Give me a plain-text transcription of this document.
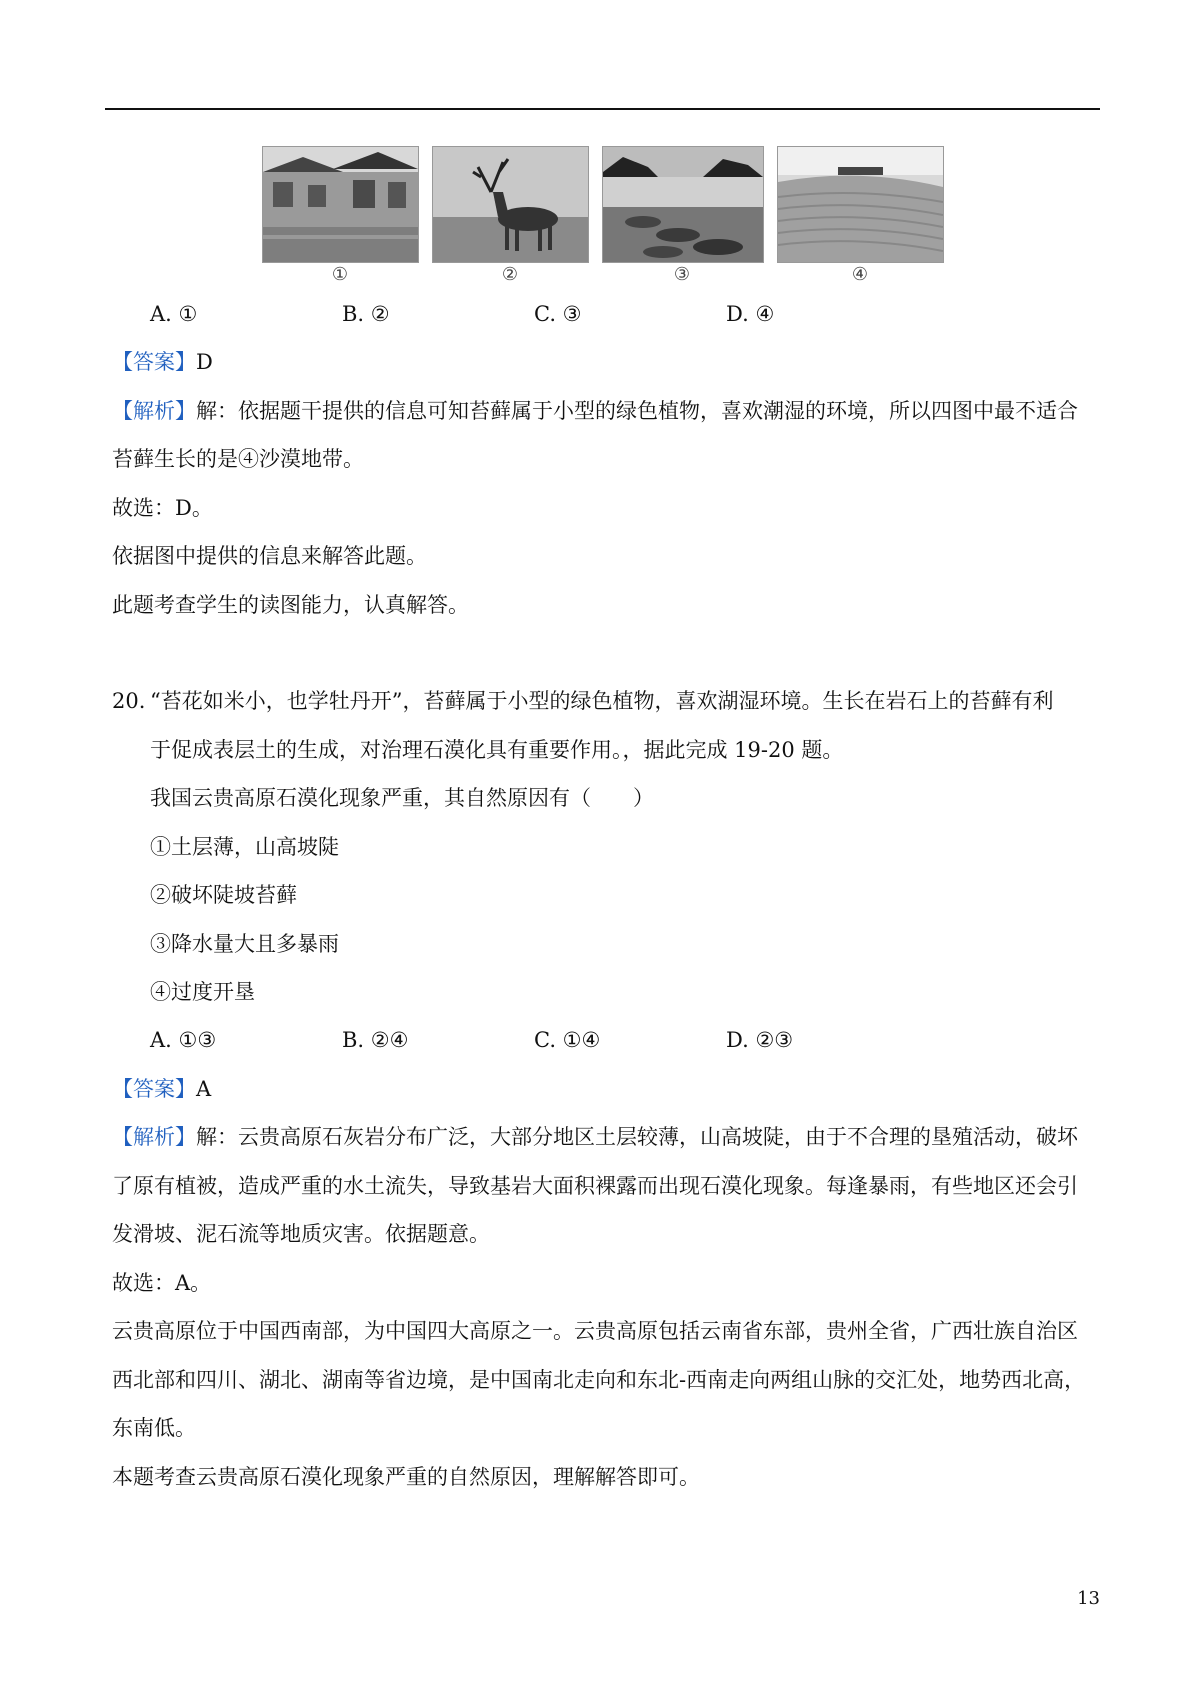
①	②	③	④
A. ①	B. ②	C. ③	D. ④
【答案】D
【解析】解：依据题干提供的信息可知苔藓属于小型的绿色植物，喜欢潮湿的环境，所以四图中最不适合
苔藓生长的是④沙漠地带。
故选：D。
依据图中提供的信息来解答此题。
此题考查学生的读图能力，认真解答。
20. “苔花如米小，也学牡丹开”，苔藓属于小型的绿色植物，喜欢湖湿环境。生长在岩石上的苔藓有利
于促成表层土的生成，对治理石漠化具有重要作用。，据此完成 19-20 题。
我国云贵高原石漠化现象严重，其自然原因有（　　）
①土层薄，山高坡陡
②破坏陡坡苔藓
③降水量大且多暴雨
④过度开垦
A. ①③	B. ②④	C. ①④	D. ②③
【答案】A
【解析】解：云贵高原石灰岩分布广泛，大部分地区土层较薄，山高坡陡，由于不合理的垦殖活动，破坏
了原有植被，造成严重的水土流失，导致基岩大面积裸露而出现石漠化现象。每逢暴雨，有些地区还会引
发滑坡、泥石流等地质灾害。依据题意。
故选：A。
云贵高原位于中国西南部，为中国四大高原之一。云贵高原包括云南省东部，贵州全省，广西壮族自治区
西北部和四川、湖北、湖南等省边境，是中国南北走向和东北-西南走向两组山脉的交汇处，地势西北高，
东南低。
本题考查云贵高原石漠化现象严重的自然原因，理解解答即可。
13
